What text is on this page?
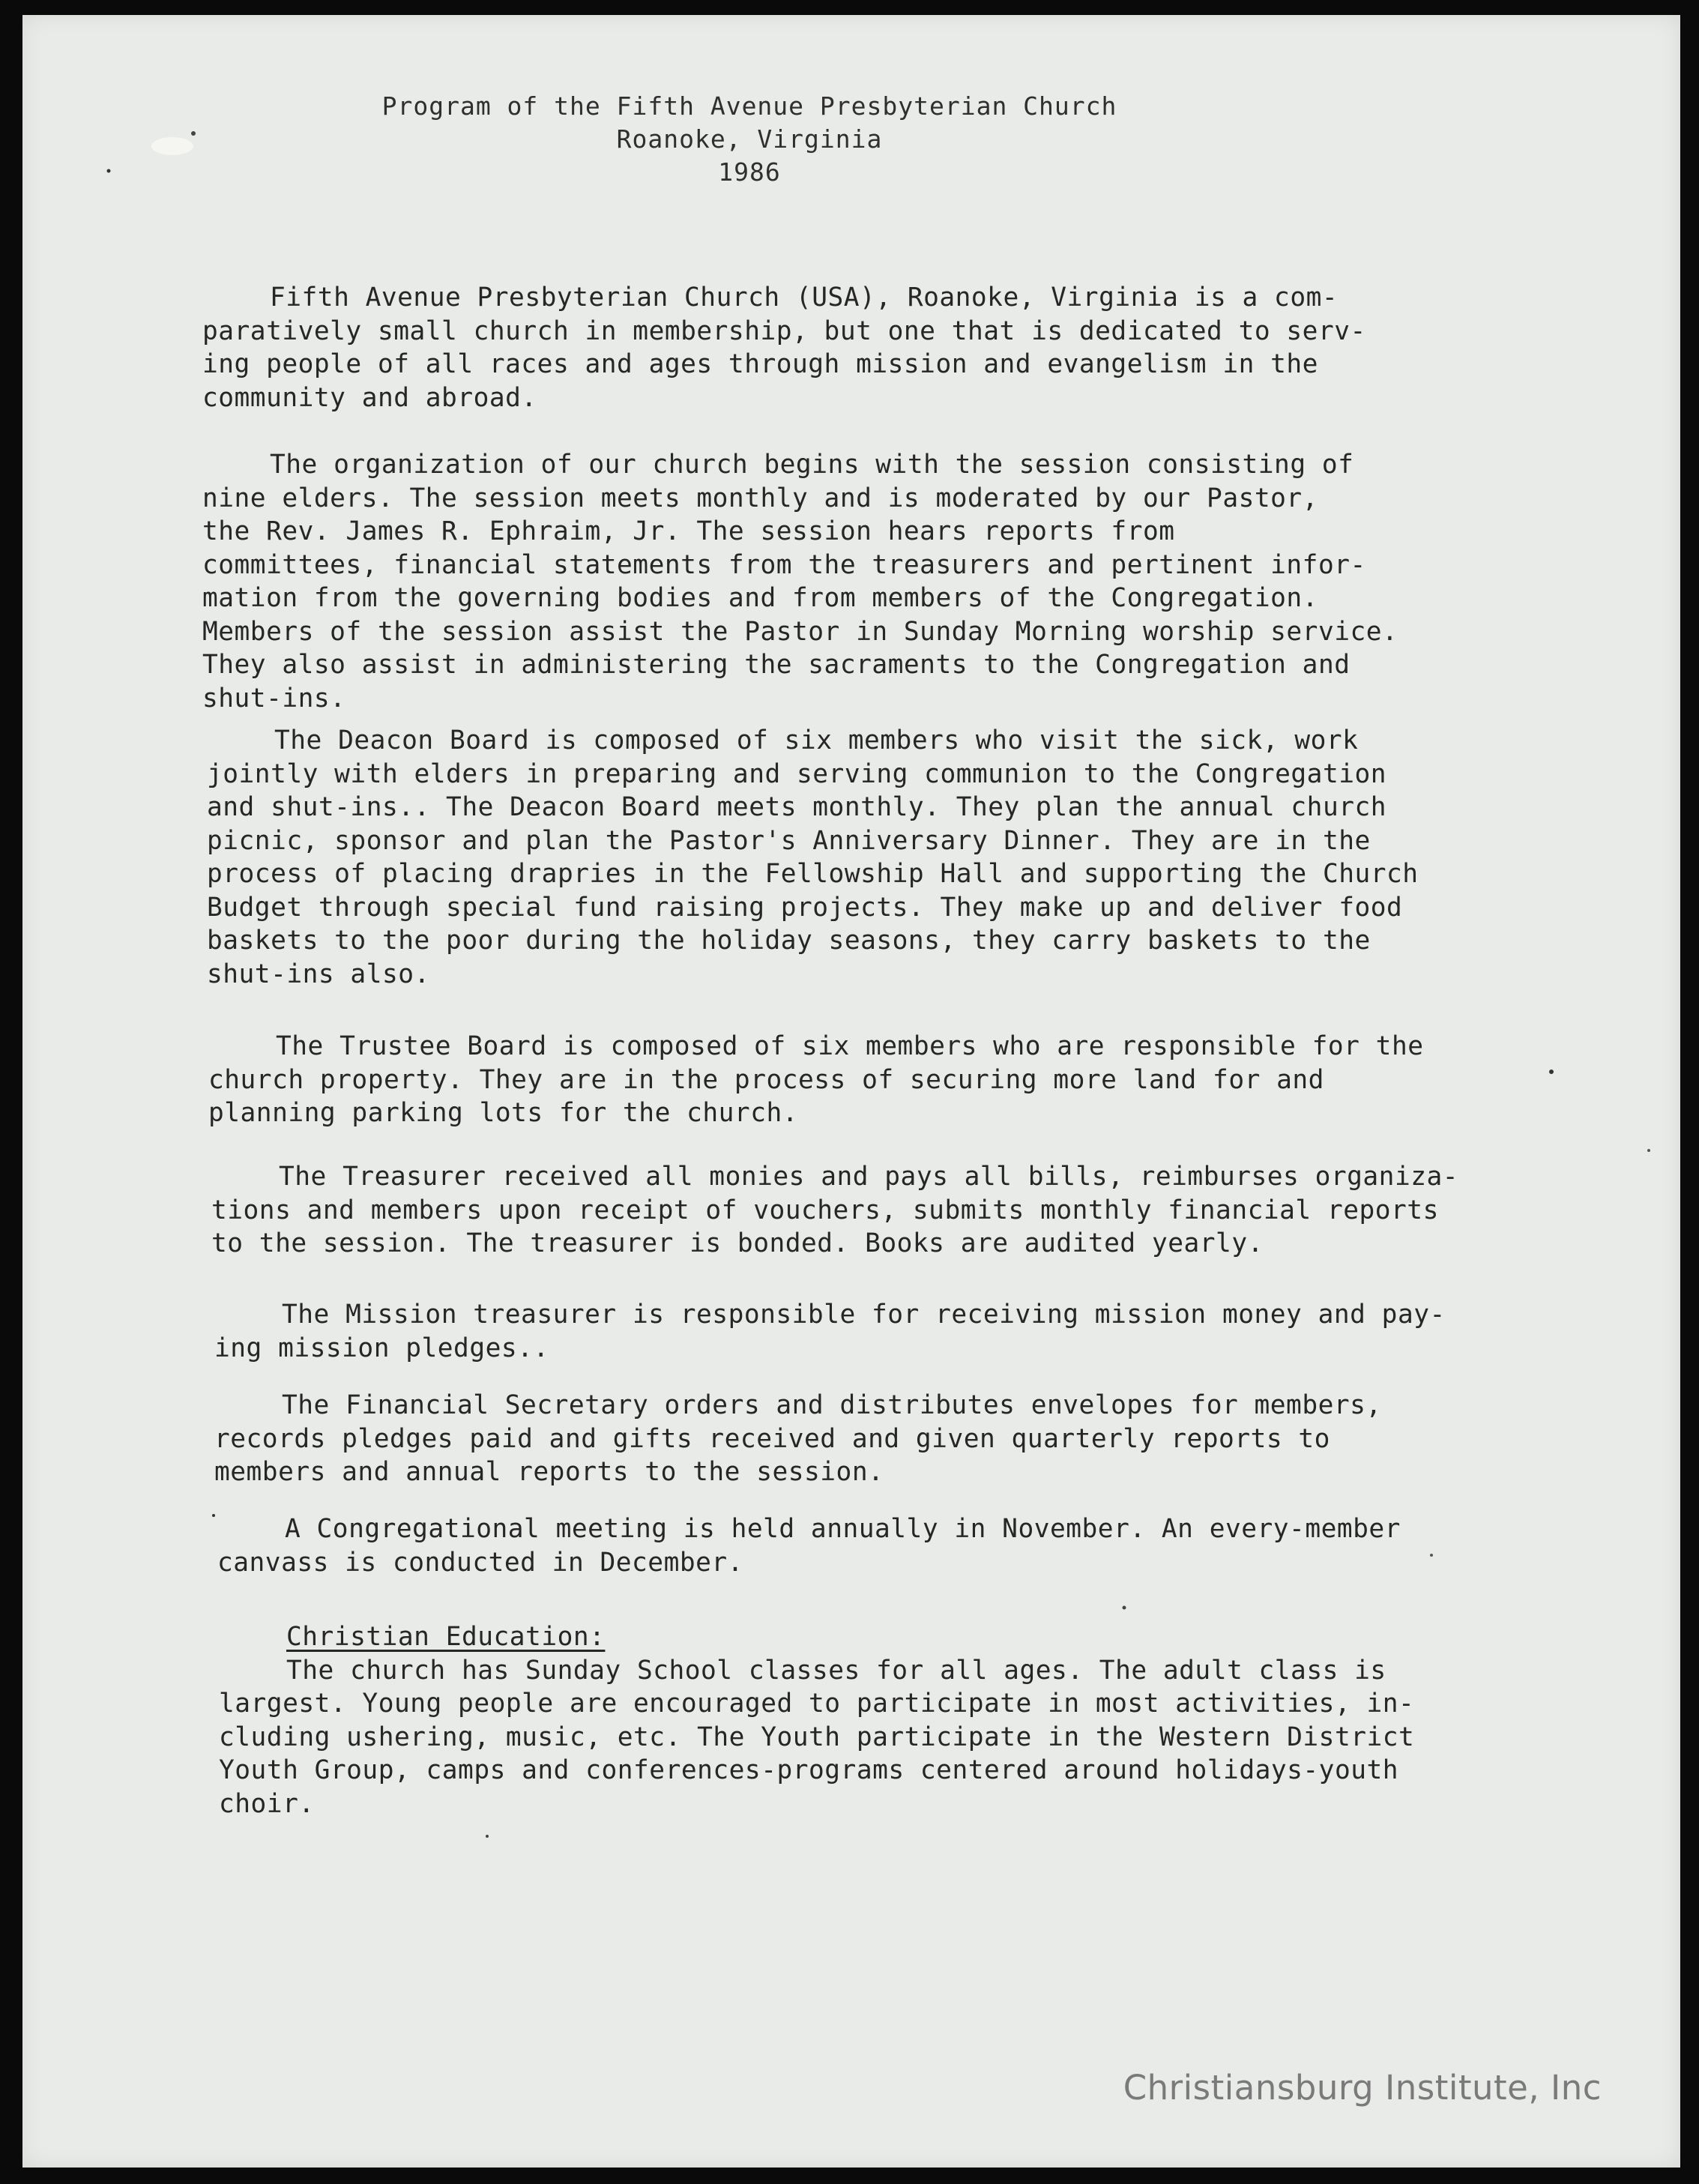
Program of the Fifth Avenue Presbyterian Church
Roanoke, Virginia
1986
Fifth Avenue Presbyterian Church (USA), Roanoke, Virginia is a com-
paratively small church in membership, but one that is dedicated to serv-
ing people of all races and ages through mission and evangelism in the
community and abroad.
The organization of our church begins with the session consisting of
nine elders. The session meets monthly and is moderated by our Pastor,
the Rev. James R. Ephraim, Jr. The session hears reports from
committees, financial statements from the treasurers and pertinent infor-
mation from the governing bodies and from members of the Congregation.
Members of the session assist the Pastor in Sunday Morning worship service.
They also assist in administering the sacraments to the Congregation and
shut-ins.
The Deacon Board is composed of six members who visit the sick, work
jointly with elders in preparing and serving communion to the Congregation
and shut-ins.. The Deacon Board meets monthly. They plan the annual church
picnic, sponsor and plan the Pastor's Anniversary Dinner. They are in the
process of placing drapries in the Fellowship Hall and supporting the Church
Budget through special fund raising projects. They make up and deliver food
baskets to the poor during the holiday seasons, they carry baskets to the
shut-ins also.
The Trustee Board is composed of six members who are responsible for the
church property. They are in the process of securing more land for and
planning parking lots for the church.
The Treasurer received all monies and pays all bills, reimburses organiza-
tions and members upon receipt of vouchers, submits monthly financial reports
to the session. The treasurer is bonded. Books are audited yearly.
The Mission treasurer is responsible for receiving mission money and pay-
ing mission pledges..
The Financial Secretary orders and distributes envelopes for members,
records pledges paid and gifts received and given quarterly reports to
members and annual reports to the session.
A Congregational meeting is held annually in November. An every-member
canvass is conducted in December.
Christian Education:
The church has Sunday School classes for all ages. The adult class is
largest. Young people are encouraged to participate in most activities, in-
cluding ushering, music, etc. The Youth participate in the Western District
Youth Group, camps and conferences-programs centered around holidays-youth
choir.
Christiansburg Institute, Inc
